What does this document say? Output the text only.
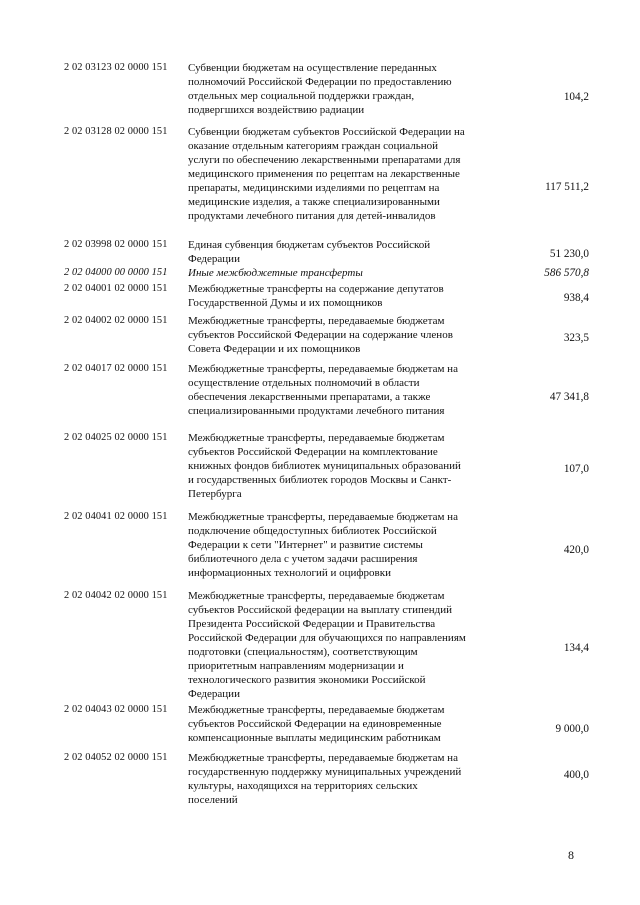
2 02 03123 02 0000 151	Субвенции бюджетам на осуществление переданных
полномочий Российской Федерации по предоставлению
отдельных мер социальной поддержки граждан,
подвергшихся воздействию радиации
104,2
2 02 03128 02 0000 151	Субвенции бюджетам субъектов Российской Федерации на
оказание отдельным категориям граждан социальной
услуги по обеспечению лекарственными препаратами для
медицинского применения по рецептам на лекарственные
препараты, медицинскими изделиями по рецептам на
медицинские изделия, а также специализированными
продуктами лечебного питания для детей-инвалидов
117 511,2
2 02 03998 02 0000 151	Единая субвенция бюджетам субъектов Российской
Федерации	51 230,0
2 02 04000 00 0000 151	Иные межбюджетные трансферты	586 570,8
2 02 04001 02 0000 151	Межбюджетные трансферты на содержание депутатов
Государственной Думы и их помощников	938,4
2 02 04002 02 0000 151	Межбюджетные трансферты, передаваемые бюджетам
субъектов Российской Федерации на содержание членов
Совета Федерации и их помощников
323,5
2 02 04017 02 0000 151	Межбюджетные трансферты, передаваемые бюджетам на
осуществление отдельных полномочий в области
обеспечения лекарственными препаратами, а также
специализированными продуктами лечебного питания
47 341,8
2 02 04025 02 0000 151	Межбюджетные трансферты, передаваемые бюджетам
субъектов Российской Федерации на комплектование
книжных фондов библиотек муниципальных образований
и государственных библиотек городов Москвы и Санкт-
Петербурга
107,0
2 02 04041 02 0000 151	Межбюджетные трансферты, передаваемые бюджетам на
подключение общедоступных библиотек Российской
Федерации к сети "Интернет" и развитие системы
библиотечного дела с учетом задачи расширения
информационных технологий и оцифровки
420,0
2 02 04042 02 0000 151	Межбюджетные трансферты, передаваемые бюджетам
субъектов Российской федерации на выплату стипендий
Президента Российской Федерации и Правительства
Российской Федерации для обучающихся по направлениям
подготовки (специальностям), соответствующим
приоритетным направлениям модернизации и
технологического развития экономики Российской
Федерации
134,4
2 02 04043 02 0000 151	Межбюджетные трансферты, передаваемые бюджетам
субъектов Российской Федерации на единовременные
компенсационные выплаты медицинским работникам
9 000,0
2 02 04052 02 0000 151	Межбюджетные трансферты, передаваемые бюджетам на
государственную поддержку муниципальных учреждений
культуры, находящихся на территориях сельских
поселений
400,0
8
